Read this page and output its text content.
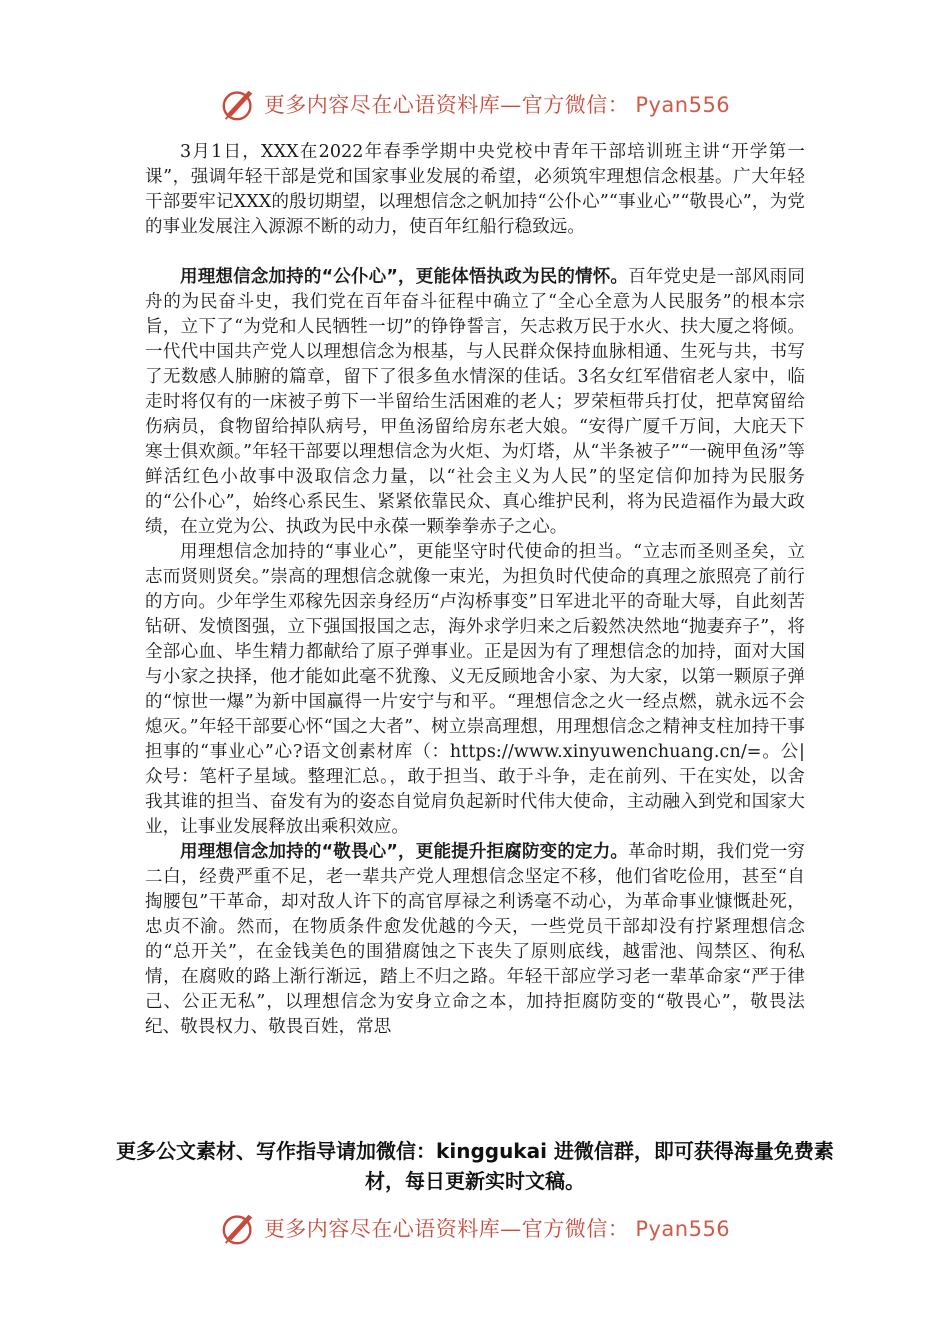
更多内容尽在心语资料库—官方微信： Pyan556

3月1日，XXX在2022年春季学期中央党校中青年干部培训班主讲“开学第一课”，强调年轻干部是党和国家事业发展的希望，必须筑牢理想信念根基。广大年轻干部要牢记XXX的殷切期望，以理想信念之帆加持“公仆心”“事业心”“敬畏心”，为党的事业发展注入源源不断的动力，使百年红船行稳致远。

用理想信念加持的“公仆心”，更能体悟执政为民的情怀。百年党史是一部风雨同舟的为民奋斗史，我们党在百年奋斗征程中确立了“全心全意为人民服务”的根本宗旨，立下了“为党和人民牺牲一切”的铮铮誓言，矢志救万民于水火、扶大厦之将倾。一代代中国共产党人以理想信念为根基，与人民群众保持血脉相通、生死与共，书写了无数感人肺腑的篇章，留下了很多鱼水情深的佳话。3名女红军借宿老人家中，临走时将仅有的一床被子剪下一半留给生活困难的老人；罗荣桓带兵打仗，把草窝留给伤病员，食物留给掉队病号，甲鱼汤留给房东老大娘。“安得广厦千万间，大庇天下寒士俱欢颜。”年轻干部要以理想信念为火炬、为灯塔，从“半条被子”“一碗甲鱼汤”等鲜活红色小故事中汲取信念力量，以“社会主义为人民”的坚定信仰加持为民服务的“公仆心”，始终心系民生、紧紧依靠民众、真心维护民利，将为民造福作为最大政绩，在立党为公、执政为民中永葆一颗拳拳赤子之心。

用理想信念加持的“事业心”，更能坚守时代使命的担当。“立志而圣则圣矣，立志而贤则贤矣。”崇高的理想信念就像一束光，为担负时代使命的真理之旅照亮了前行的方向。少年学生邓稼先因亲身经历“卢沟桥事变”日军进北平的奇耻大辱，自此刻苦钻研、发愤图强，立下强国报国之志，海外求学归来之后毅然决然地“抛妻弃子”，将全部心血、毕生精力都献给了原子弹事业。正是因为有了理想信念的加持，面对大国与小家之抉择，他才能如此毫不犹豫、义无反顾地舍小家、为大家，以第一颗原子弹的“惊世一爆”为新中国赢得一片安宁与和平。“理想信念之火一经点燃，就永远不会熄灭。”年轻干部要心怀“国之大者”、树立崇高理想，用理想信念之精神支柱加持干事担事的“事业心”心?语文创素材库（：https://www.xinyuwenchuang.cn/=。公|众号：笔杆子星域。整理汇总。，敢于担当、敢于斗争，走在前列、干在实处，以舍我其谁的担当、奋发有为的姿态自觉肩负起新时代伟大使命，主动融入到党和国家大业，让事业发展释放出乘积效应。

用理想信念加持的“敬畏心”，更能提升拒腐防变的定力。革命时期，我们党一穷二白，经费严重不足，老一辈共产党人理想信念坚定不移，他们省吃俭用，甚至“自掏腰包”干革命，却对敌人许下的高官厚禄之利诱毫不动心，为革命事业慷慨赴死，忠贞不渝。然而，在物质条件愈发优越的今天，一些党员干部却没有拧紧理想信念的“总开关”，在金钱美色的围猎腐蚀之下丧失了原则底线，越雷池、闯禁区、徇私情，在腐败的路上渐行渐远，踏上不归之路。年轻干部应学习老一辈革命家“严于律己、公正无私”，以理想信念为安身立命之本，加持拒腐防变的“敬畏心”，敬畏法纪、敬畏权力、敬畏百姓，常思

更多公文素材、写作指导请加微信：kinggukai 进微信群，即可获得海量免费素材，每日更新实时文稿。
更多内容尽在心语资料库—官方微信： Pyan556
